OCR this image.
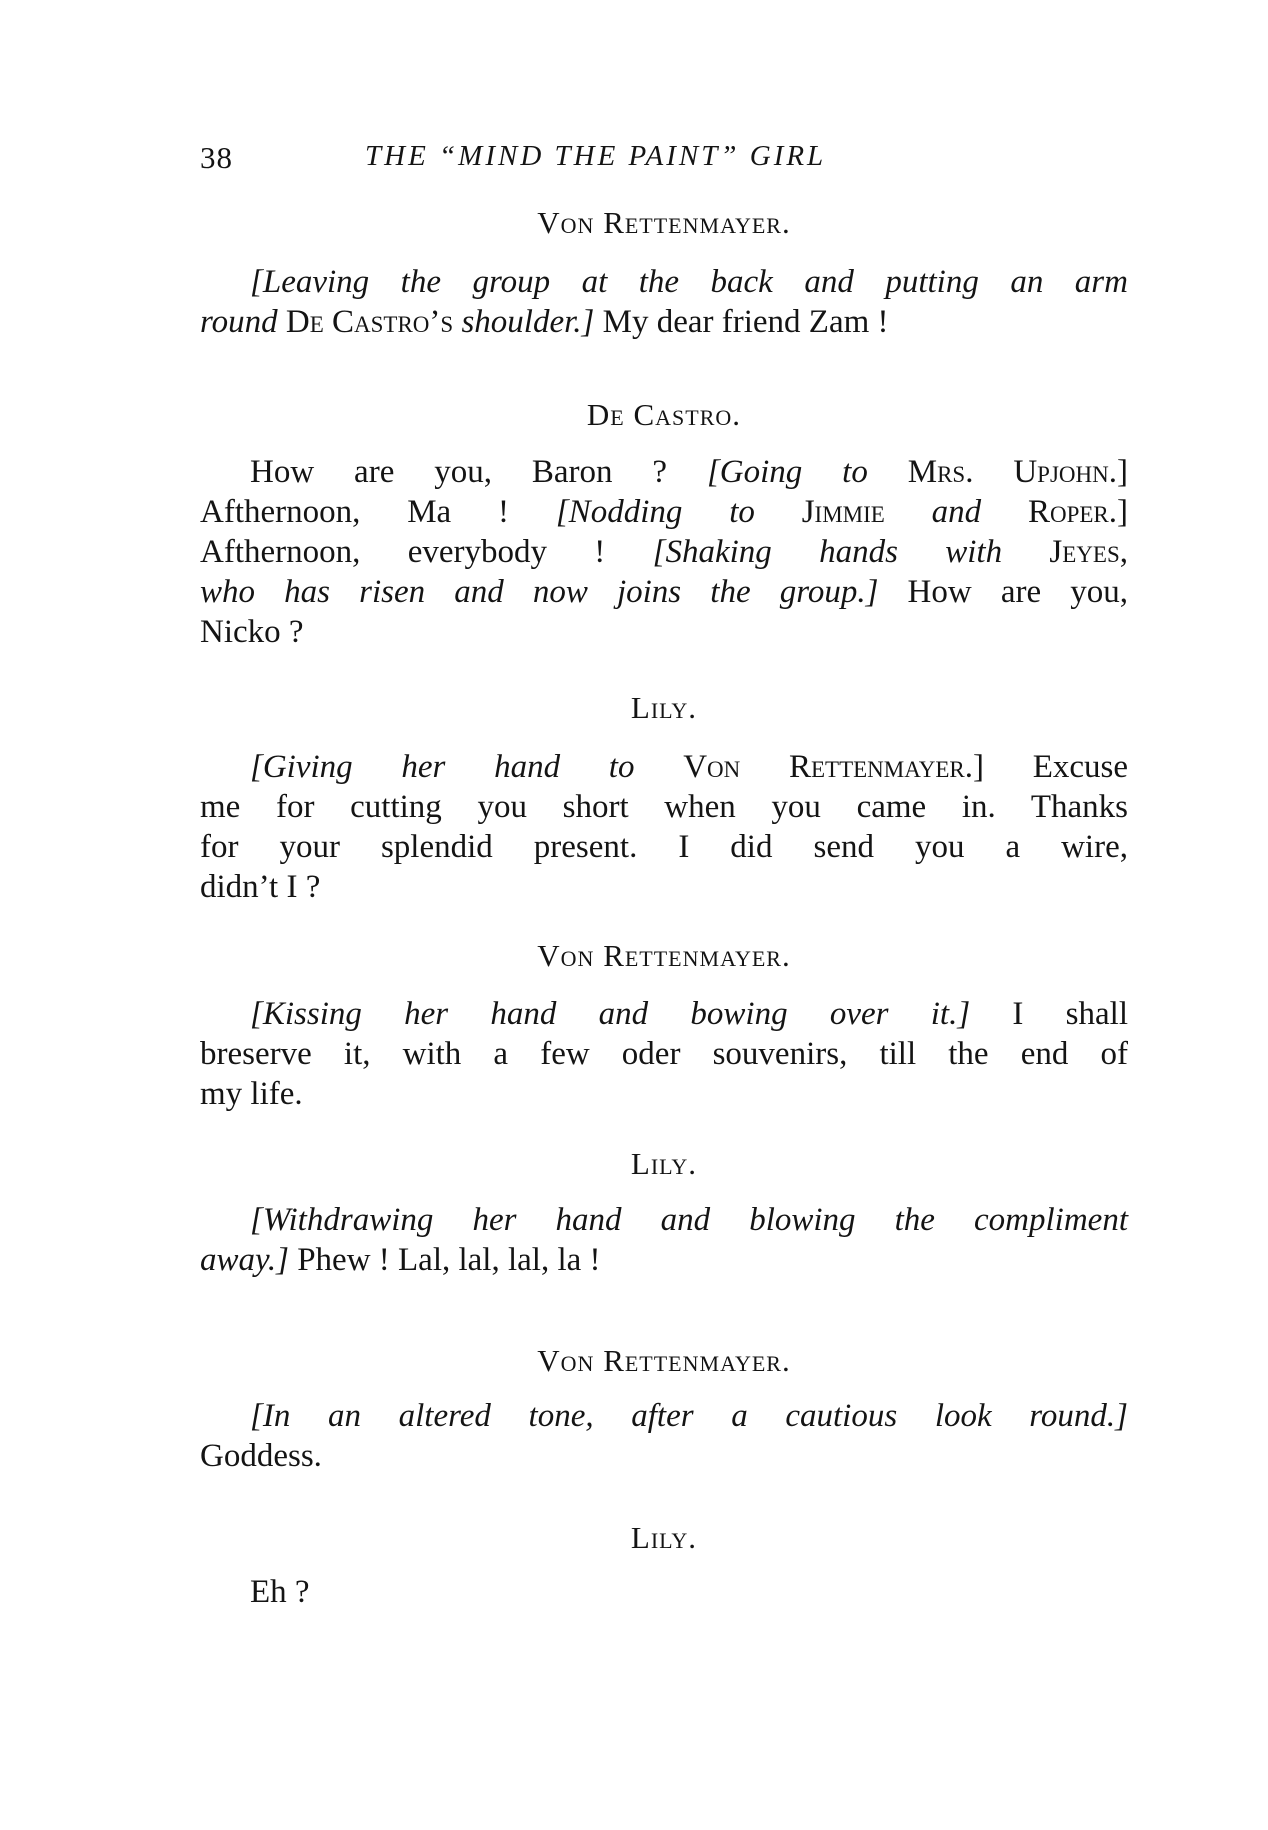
38	THE “MIND THE PAINT” GIRL
Von Rettenmayer.
[Leaving the group at the back and putting an arm
round De Castro’s shoulder.] My dear friend Zam !
De Castro.
How are you, Baron ? [Going to Mrs. Upjohn.]
Afthernoon, Ma ! [Nodding to Jimmie and Roper.]
Afthernoon, everybody ! [Shaking hands with Jeyes,
who has risen and now joins the group.] How are you,
Nicko ?
Lily.
[Giving her hand to Von Rettenmayer.] Excuse
me for cutting you short when you came in. Thanks
for your splendid present. I did send you a wire,
didn’t I ?
Von Rettenmayer.
[Kissing her hand and bowing over it.] I shall
breserve it, with a few oder souvenirs, till the end of
my life.
Lily.
[Withdrawing her hand and blowing the compliment
away.] Phew ! Lal, lal, lal, la !
Von Rettenmayer.
[In an altered tone, after a cautious look round.]
Goddess.
Lily.
Eh ?
